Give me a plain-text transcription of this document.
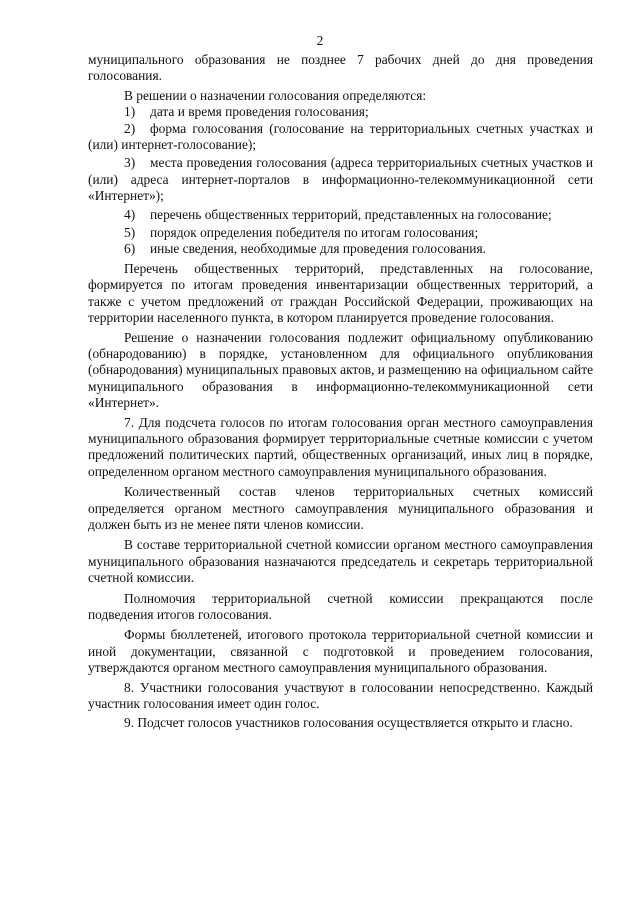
2

муниципального образования не позднее 7 рабочих дней до дня проведения голосования.

В решении о назначении голосования определяются:

1) дата и время проведения голосования;

2) форма голосования (голосование на территориальных счетных участках и (или) интернет-голосование);

3) места проведения голосования (адреса территориальных счетных участков и (или) адреса интернет-порталов в информационно-телекоммуникационной сети «Интернет»);

4) перечень общественных территорий, представленных на голосование;

5) порядок определения победителя по итогам голосования;

6) иные сведения, необходимые для проведения голосования.

Перечень общественных территорий, представленных на голосование, формируется по итогам проведения инвентаризации общественных территорий, а также с учетом предложений от граждан Российской Федерации, проживающих на территории населенного пункта, в котором планируется проведение голосования.

Решение о назначении голосования подлежит официальному опубликованию (обнародованию) в порядке, установленном для официального опубликования (обнародования) муниципальных правовых актов, и размещению на официальном сайте муниципального образования в информационно-телекоммуникационной сети «Интернет».

7. Для подсчета голосов по итогам голосования орган местного самоуправления муниципального образования формирует территориальные счетные комиссии с учетом предложений политических партий, общественных организаций, иных лиц в порядке, определенном органом местного самоуправления муниципального образования.

Количественный состав членов территориальных счетных комиссий определяется органом местного самоуправления муниципального образования и должен быть из не менее пяти членов комиссии.

В составе территориальной счетной комиссии органом местного самоуправления муниципального образования назначаются председатель и секретарь территориальной счетной комиссии.

Полномочия территориальной счетной комиссии прекращаются после подведения итогов голосования.

Формы бюллетеней, итогового протокола территориальной счетной комиссии и иной документации, связанной с подготовкой и проведением голосования, утверждаются органом местного самоуправления муниципального образования.

8. Участники голосования участвуют в голосовании непосредственно. Каждый участник голосования имеет один голос.

9. Подсчет голосов участников голосования осуществляется открыто и гласно.
